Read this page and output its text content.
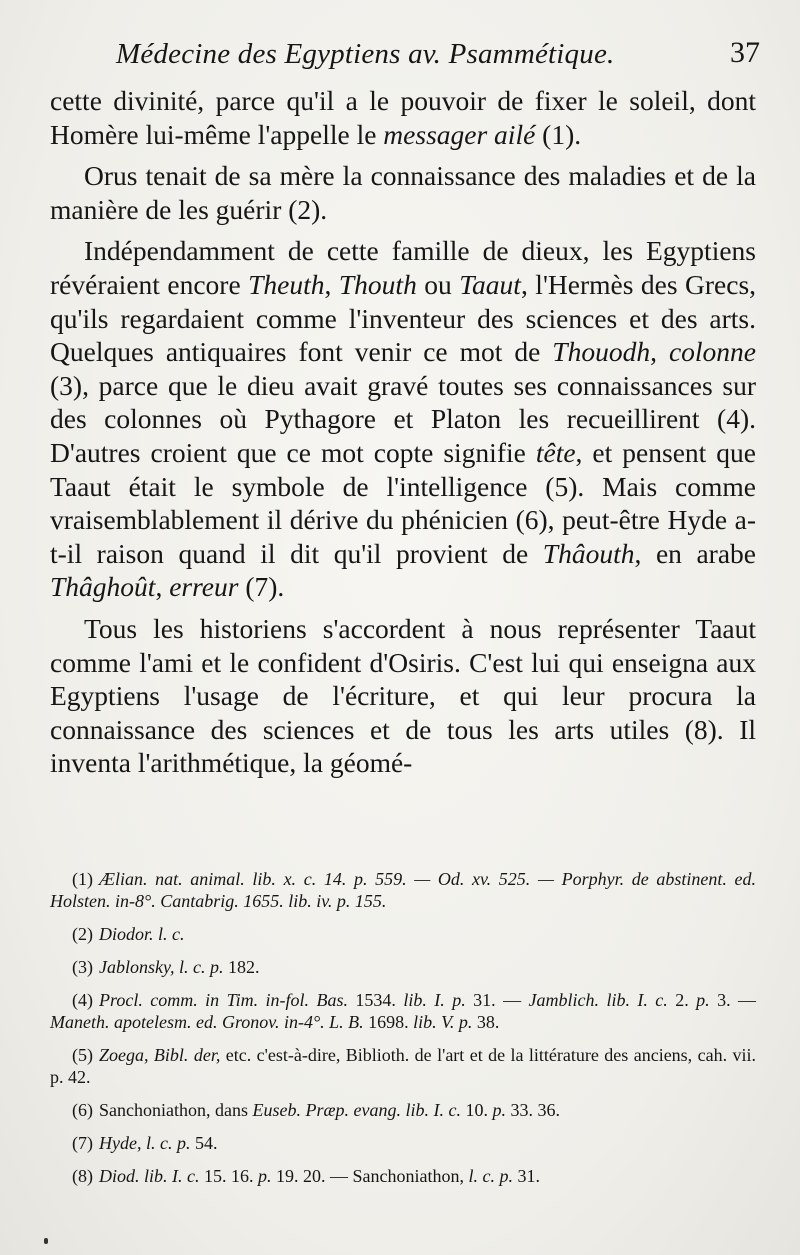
Médecine des Egyptiens av. Psammétique.	37

cette divinité, parce qu'il a le pouvoir de fixer le soleil, dont Homère lui-même l'appelle le messager ailé (1).

Orus tenait de sa mère la connaissance des maladies et de la manière de les guérir (2).

Indépendamment de cette famille de dieux, les Egyptiens révéraient encore Theuth, Thouth ou Taaut, l'Hermès des Grecs, qu'ils regardaient comme l'inventeur des sciences et des arts. Quelques antiquaires font venir ce mot de Thouodh, colonne (3), parce que le dieu avait gravé toutes ses connaissances sur des colonnes où Pythagore et Platon les recueillirent (4). D'autres croient que ce mot copte signifie tête, et pensent que Taaut était le symbole de l'intelligence (5). Mais comme vraisemblablement il dérive du phénicien (6), peut-être Hyde a-t-il raison quand il dit qu'il provient de Thâouth, en arabe Thâghoût, erreur (7).

Tous les historiens s'accordent à nous représenter Taaut comme l'ami et le confident d'Osiris. C'est lui qui enseigna aux Egyptiens l'usage de l'écriture, et qui leur procura la connaissance des sciences et de tous les arts utiles (8). Il inventa l'arithmétique, la géomé-

(1) Ælian. nat. animal. lib. x. c. 14. p. 559. — Od. xv. 525. — Porphyr. de abstinent. ed. Holsten. in-8°. Cantabrig. 1655. lib. iv. p. 155.

(2) Diodor. l. c.

(3) Jablonsky, l. c. p. 182.

(4) Procl. comm. in Tim. in-fol. Bas. 1534. lib. I. p. 31. — Jamblich. lib. I. c. 2. p. 3. — Maneth. apotelesm. ed. Gronov. in-4°. L. B. 1698. lib. V. p. 38.

(5) Zoega, Bibl. der, etc. c'est-à-dire, Biblioth. de l'art et de la littérature des anciens, cah. vii. p. 42.

(6) Sanchoniathon, dans Euseb. Præp. evang. lib. I. c. 10. p. 33. 36.

(7) Hyde, l. c. p. 54.

(8) Diod. lib. I. c. 15. 16. p. 19. 20. — Sanchoniathon, l. c. p. 31.
